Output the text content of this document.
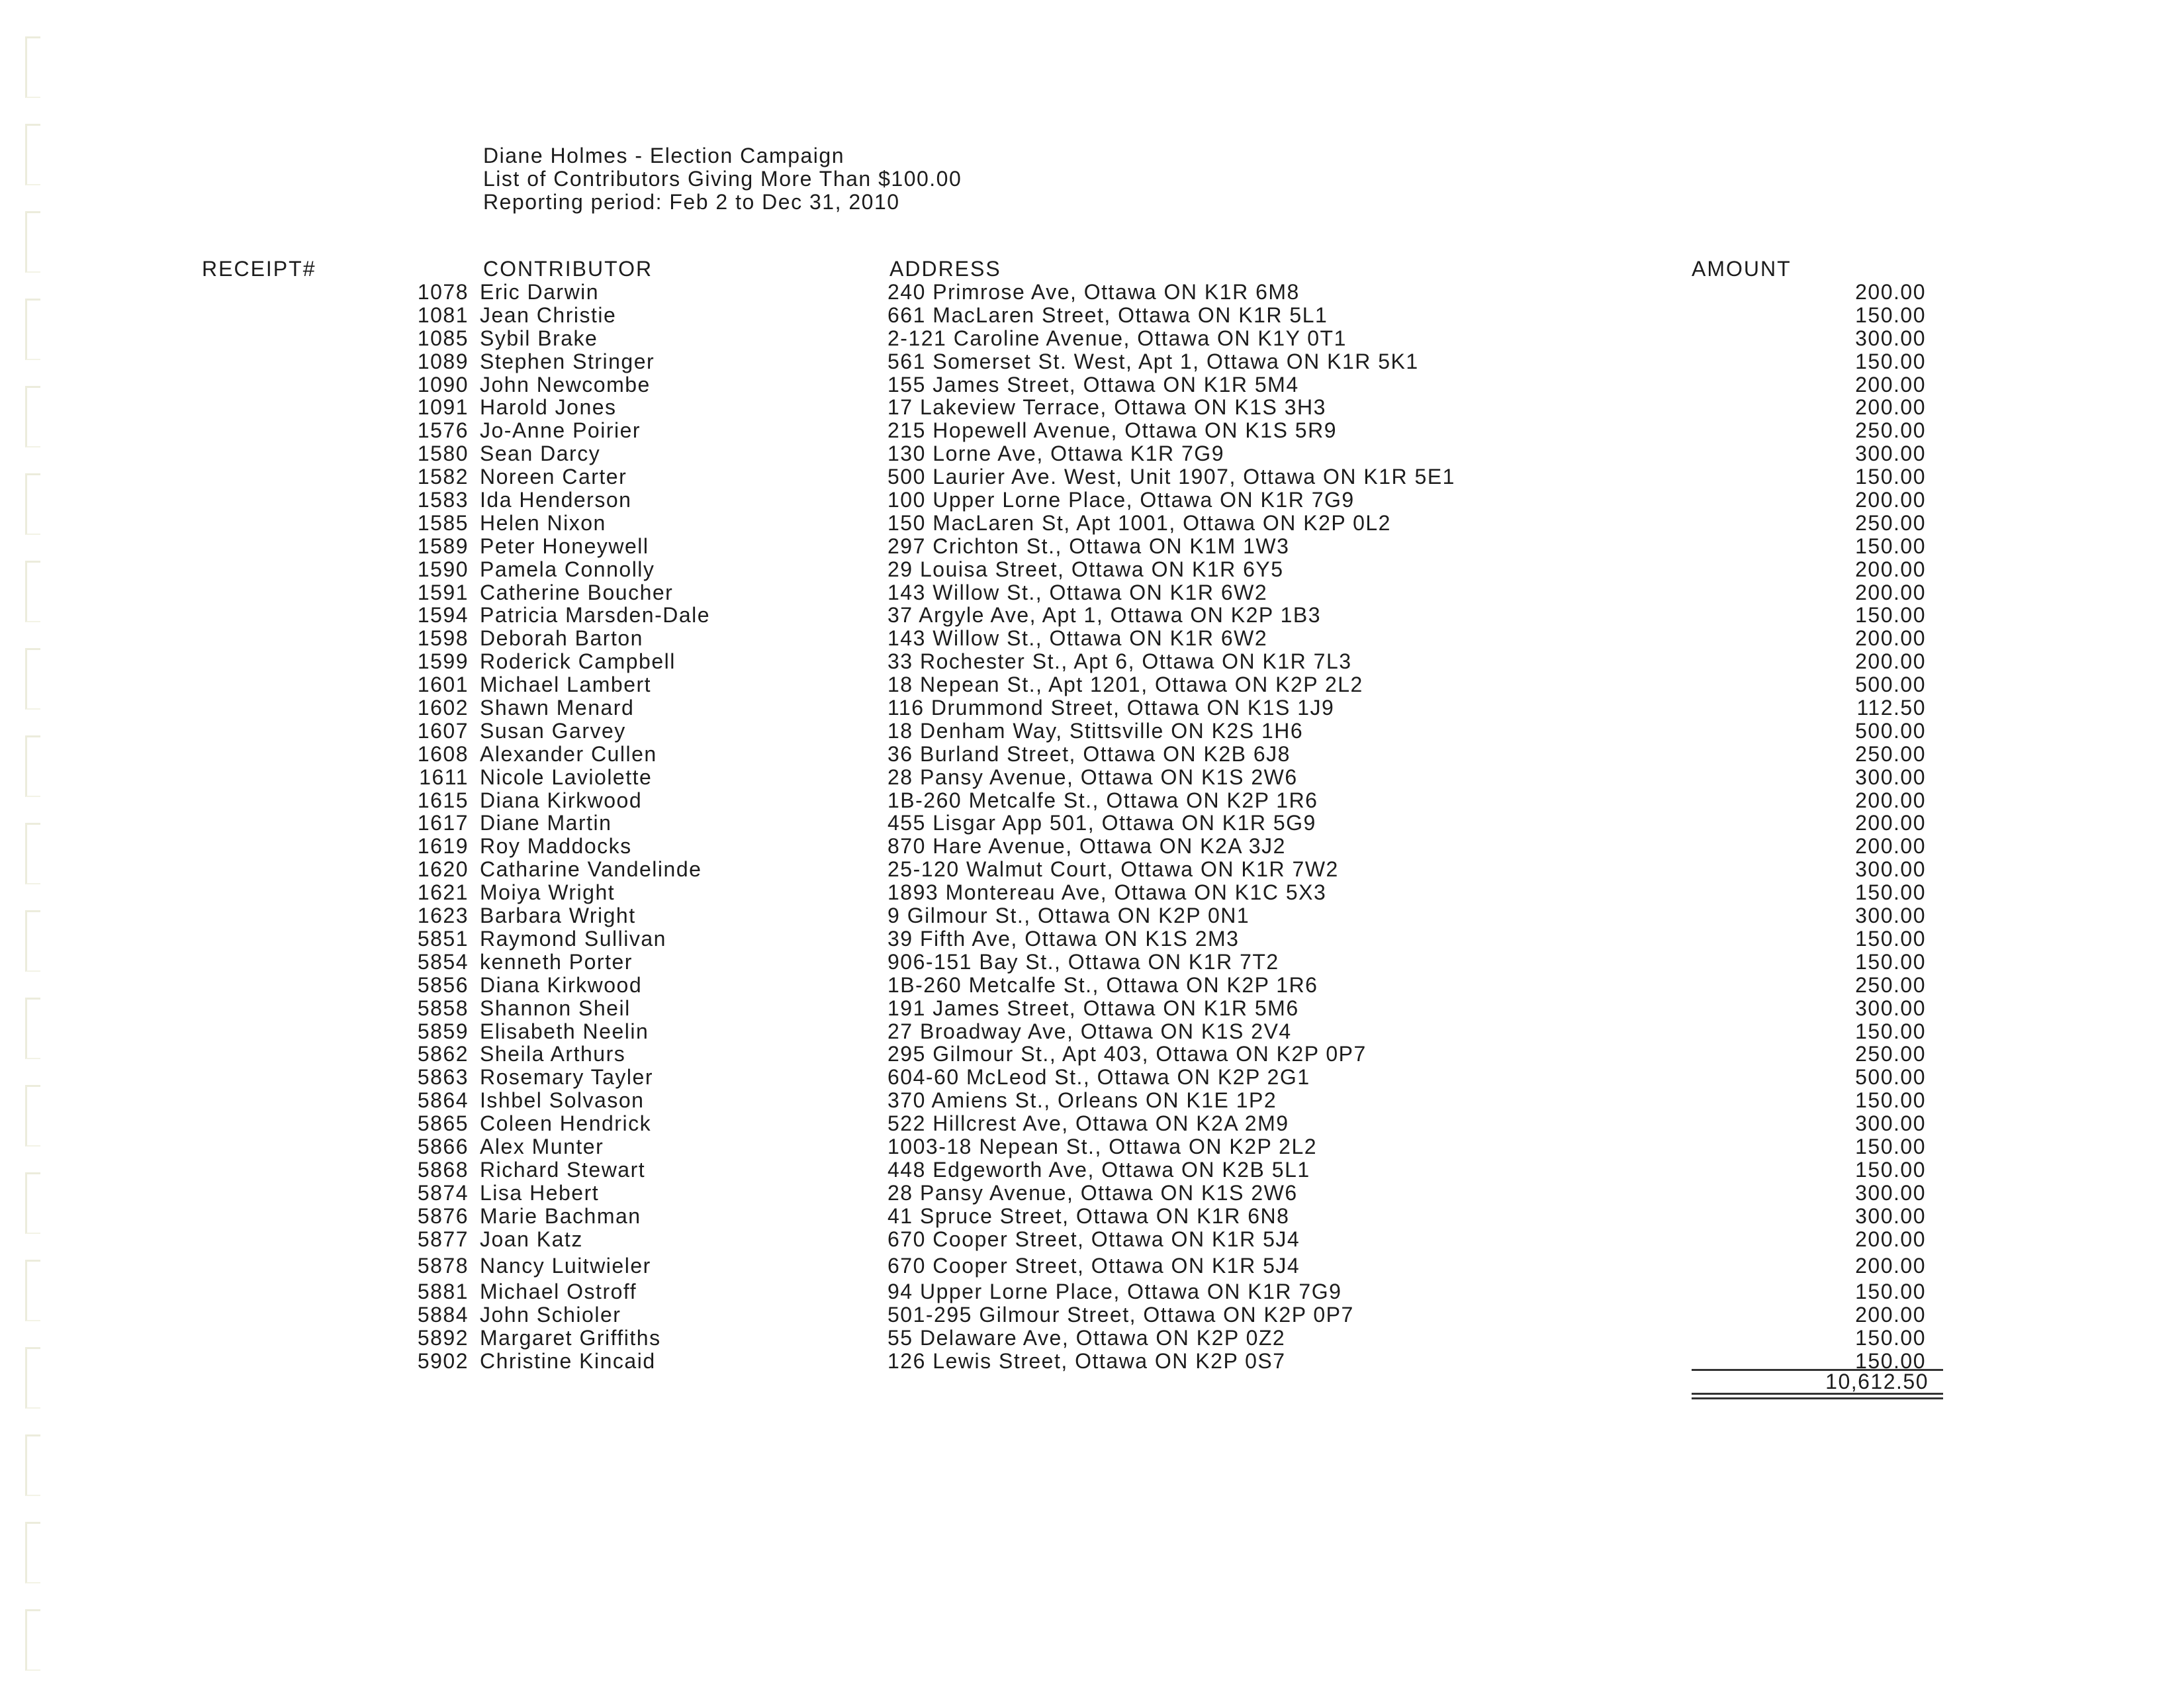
Diane Holmes - Election Campaign
List of Contributors Giving More Than $100.00
Reporting period: Feb 2 to Dec 31, 2010
RECEIPT#	CONTRIBUTOR	ADDRESS	AMOUNT
1078 Eric Darwin	240 Primrose Ave, Ottawa ON K1R 6M8	200.00
1081 Jean Christie	661 MacLaren Street, Ottawa ON K1R 5L1	150.00
1085 Sybil Brake	2-121 Caroline Avenue, Ottawa ON K1Y 0T1	300.00
1089 Stephen Stringer	561 Somerset St. West, Apt 1, Ottawa ON K1R 5K1	150.00
1090 John Newcombe	155 James Street, Ottawa ON K1R 5M4	200.00
1091 Harold Jones	17 Lakeview Terrace, Ottawa ON K1S 3H3	200.00
1576 Jo-Anne Poirier	215 Hopewell Avenue, Ottawa ON K1S 5R9	250.00
1580 Sean Darcy	130 Lorne Ave, Ottawa K1R 7G9	300.00
1582 Noreen Carter	500 Laurier Ave. West, Unit 1907, Ottawa ON K1R 5E1	150.00
1583 Ida Henderson	100 Upper Lorne Place, Ottawa ON K1R 7G9	200.00
1585 Helen Nixon	150 MacLaren St, Apt 1001, Ottawa ON K2P 0L2	250.00
1589 Peter Honeywell	297 Crichton St., Ottawa ON K1M 1W3	150.00
1590 Pamela Connolly	29 Louisa Street, Ottawa ON K1R 6Y5	200.00
1591 Catherine Boucher	143 Willow St., Ottawa ON K1R 6W2	200.00
1594 Patricia Marsden-Dale	37 Argyle Ave, Apt 1, Ottawa ON K2P 1B3	150.00
1598 Deborah Barton	143 Willow St., Ottawa ON K1R 6W2	200.00
1599 Roderick Campbell	33 Rochester St., Apt 6, Ottawa ON K1R 7L3	200.00
1601 Michael Lambert	18 Nepean St., Apt 1201, Ottawa ON K2P 2L2	500.00
1602 Shawn Menard	116 Drummond Street, Ottawa ON K1S 1J9	112.50
1607 Susan Garvey	18 Denham Way, Stittsville ON K2S 1H6	500.00
1608 Alexander Cullen	36 Burland Street, Ottawa ON K2B 6J8	250.00
1611 Nicole Laviolette	28 Pansy Avenue, Ottawa ON K1S 2W6	300.00
1615 Diana Kirkwood	1B-260 Metcalfe St., Ottawa ON K2P 1R6	200.00
1617 Diane Martin	455 Lisgar App 501, Ottawa ON K1R 5G9	200.00
1619 Roy Maddocks	870 Hare Avenue, Ottawa ON K2A 3J2	200.00
1620 Catharine Vandelinde	25-120 Walmut Court, Ottawa ON K1R 7W2	300.00
1621 Moiya Wright	1893 Montereau Ave, Ottawa ON K1C 5X3	150.00
1623 Barbara Wright	9 Gilmour St., Ottawa ON K2P 0N1	300.00
5851 Raymond Sullivan	39 Fifth Ave, Ottawa ON K1S 2M3	150.00
5854 kenneth Porter	906-151 Bay St., Ottawa ON K1R 7T2	150.00
5856 Diana Kirkwood	1B-260 Metcalfe St., Ottawa ON K2P 1R6	250.00
5858 Shannon Sheil	191 James Street, Ottawa ON K1R 5M6	300.00
5859 Elisabeth Neelin	27 Broadway Ave, Ottawa ON K1S 2V4	150.00
5862 Sheila Arthurs	295 Gilmour St., Apt 403, Ottawa ON K2P 0P7	250.00
5863 Rosemary Tayler	604-60 McLeod St., Ottawa ON K2P 2G1	500.00
5864 Ishbel Solvason	370 Amiens St., Orleans ON K1E 1P2	150.00
5865 Coleen Hendrick	522 Hillcrest Ave, Ottawa ON K2A 2M9	300.00
5866 Alex Munter	1003-18 Nepean St., Ottawa ON K2P 2L2	150.00
5868 Richard Stewart	448 Edgeworth Ave, Ottawa ON K2B 5L1	150.00
5874 Lisa Hebert	28 Pansy Avenue, Ottawa ON K1S 2W6	300.00
5876 Marie Bachman	41 Spruce Street, Ottawa ON K1R 6N8	300.00
5877 Joan Katz	670 Cooper Street, Ottawa ON K1R 5J4	200.00
5878 Nancy Luitwieler	670 Cooper Street, Ottawa ON K1R 5J4	200.00
5881 Michael Ostroff	94 Upper Lorne Place, Ottawa ON K1R 7G9	150.00
5884 John Schioler	501-295 Gilmour Street, Ottawa ON K2P 0P7	200.00
5892 Margaret Griffiths	55 Delaware Ave, Ottawa ON K2P 0Z2	150.00
5902 Christine Kincaid	126 Lewis Street, Ottawa ON K2P 0S7	150.00
10,612.50
